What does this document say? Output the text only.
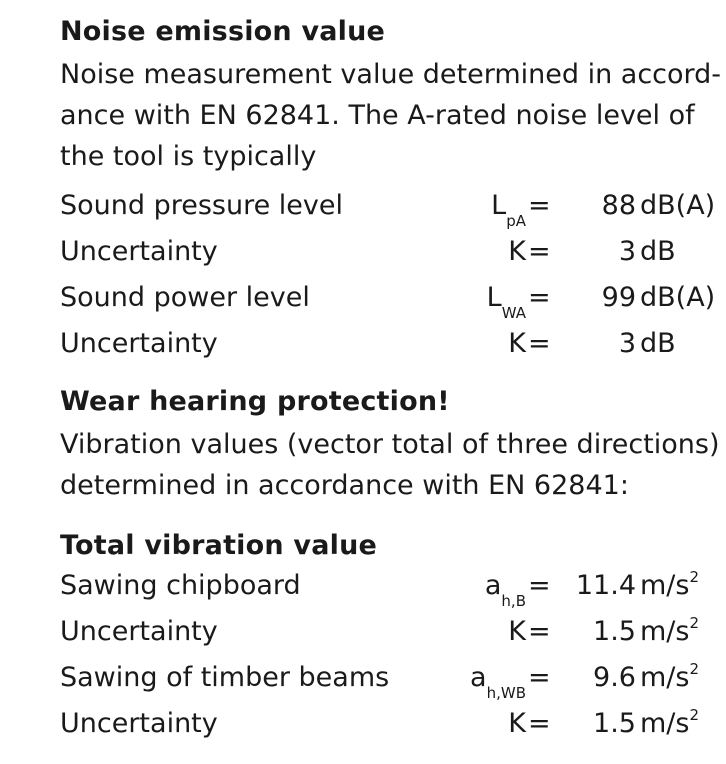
Noise emission value
Noise measurement value determined in accord-
ance with EN 62841. The A-rated noise level of
the tool is typically
Sound pressure level	$L_{pA} = 88$ dB(A)
Uncertainty	K =	3 dB
Sound power level	$L_{WA} = 99$ dB(A)
Uncertainty	K =	3 dB
Wear hearing protection!
Vibration values (vector total of three directions)
determined in accordance with EN 62841:
Total vibration value
Sawing chipboard	$a_{h,B} = 11.4$ $m/s^2$
Uncertainty	K = 1.5 $m/s^2$
Sawing of timber beams	$a_{h,WB} = 9.6$ $m/s^2$
Uncertainty	K = 1.5 $m/s^2$
